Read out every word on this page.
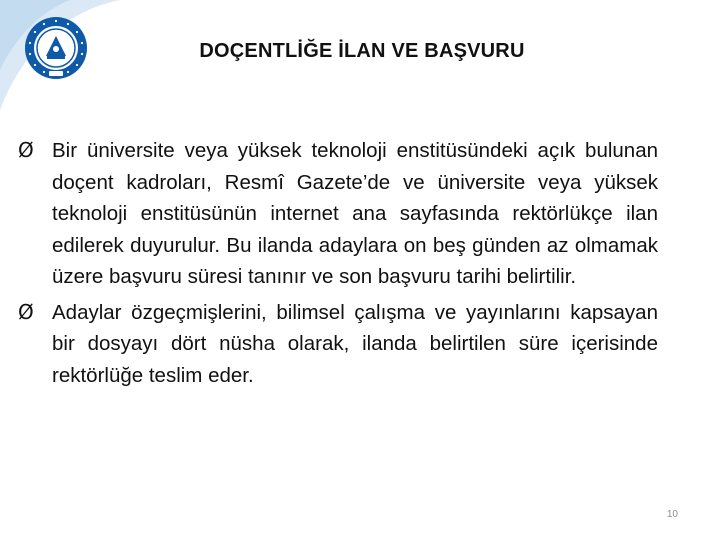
DOÇENTLİĞE İLAN VE BAŞVURU
Ø Bir üniversite veya yüksek teknoloji enstitüsündeki açık bulunan doçent kadroları, Resmî Gazete’de ve üniversite veya yüksek teknoloji enstitüsünün internet ana sayfasında rektörlükçe ilan edilerek duyurulur. Bu ilanda adaylara on beş günden az olmamak üzere başvuru süresi tanınır ve son başvuru tarihi belirtilir.
Ø Adaylar özgeçmişlerini, bilimsel çalışma ve yayınlarını kapsayan bir dosyayı dört nüsha olarak, ilanda belirtilen süre içerisinde rektörlüğe teslim eder.
10
